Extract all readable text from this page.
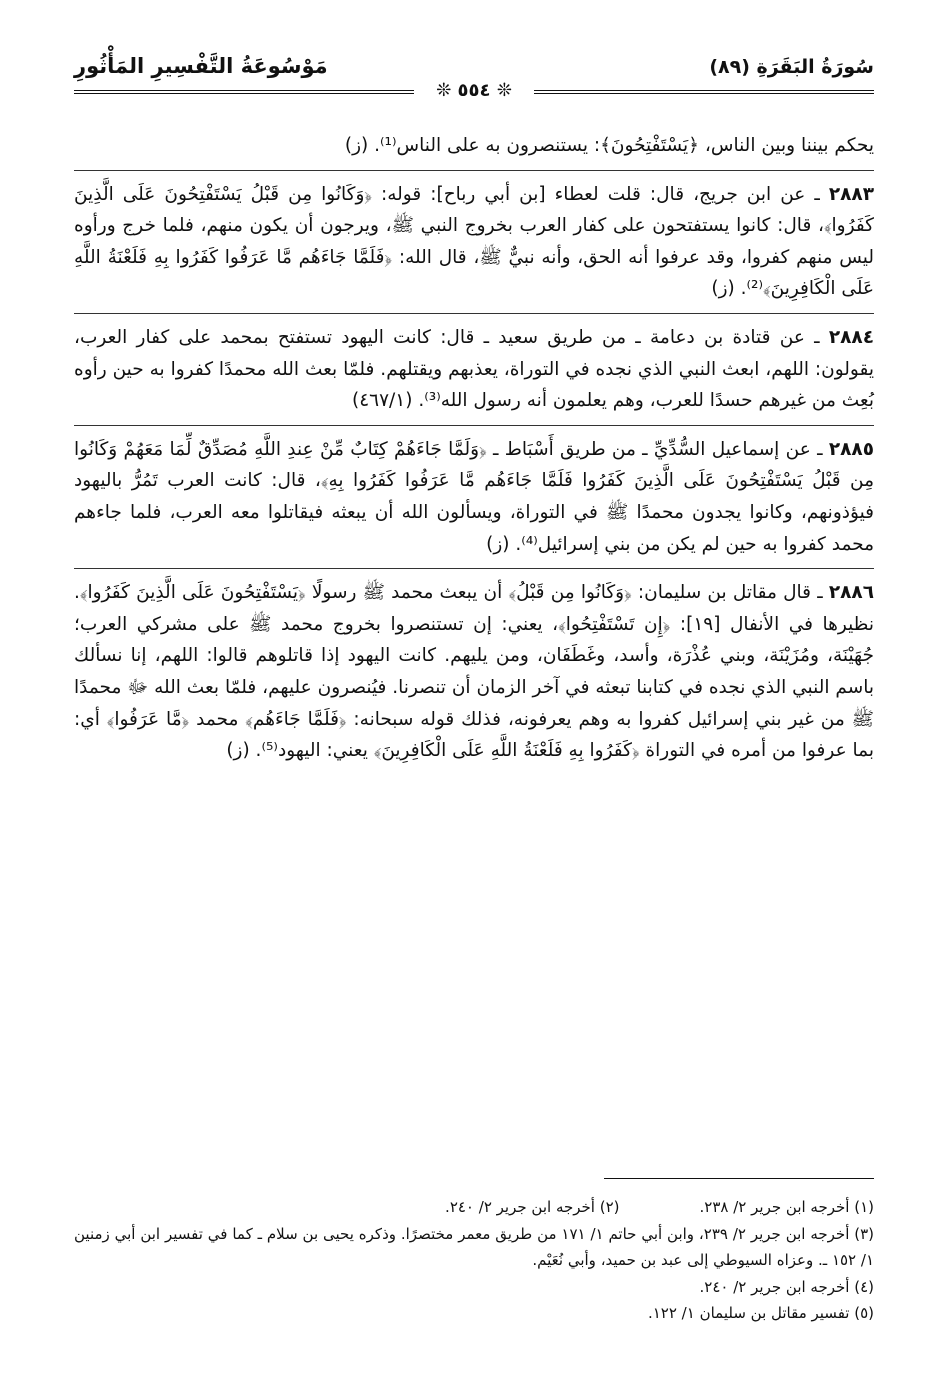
سُورَةُ البَقَرَةِ (٨٩)
مَوْسُوعَةُ التَّفْسِيرِ المَأْثُورِ
❊ ٥٥٤ ❊

يحكم بيننا وبين الناس، ﴿يَسْتَفْتِحُونَ﴾: يستنصرون به على الناس⁽¹⁾. (ز)

٢٨٨٣ ـ عن ابن جريج، قال: قلت لعطاء [بن أبي رباح]: قوله: ﴿وَكَانُوا مِن قَبْلُ يَسْتَفْتِحُونَ عَلَى الَّذِينَ كَفَرُوا﴾، قال: كانوا يستفتحون على كفار العرب بخروج النبي ﷺ، ويرجون أن يكون منهم، فلما خرج ورأوه ليس منهم كفروا، وقد عرفوا أنه الحق، وأنه نبيٌّ ﷺ، قال الله: ﴿فَلَمَّا جَاءَهُم مَّا عَرَفُوا كَفَرُوا بِهِ فَلَعْنَةُ اللَّهِ عَلَى الْكَافِرِينَ﴾⁽²⁾. (ز)

٢٨٨٤ ـ عن قتادة بن دعامة ـ من طريق سعيد ـ قال: كانت اليهود تستفتح بمحمد على كفار العرب، يقولون: اللهم، ابعث النبي الذي نجده في التوراة، يعذبهم ويقتلهم. فلمّا بعث الله محمدًا كفروا به حين رأوه بُعِث من غيرهم حسدًا للعرب، وهم يعلمون أنه رسول الله⁽³⁾. (٤٦٧/١)

٢٨٨٥ ـ عن إسماعيل السُّدِّيِّ ـ من طريق أَسْبَاط ـ ﴿وَلَمَّا جَاءَهُمْ كِتَابٌ مِّنْ عِندِ اللَّهِ مُصَدِّقٌ لِّمَا مَعَهُمْ وَكَانُوا مِن قَبْلُ يَسْتَفْتِحُونَ عَلَى الَّذِينَ كَفَرُوا فَلَمَّا جَاءَهُم مَّا عَرَفُوا كَفَرُوا بِهِ﴾، قال: كانت العرب تَمُرُّ باليهود فيؤذونهم، وكانوا يجدون محمدًا ﷺ في التوراة، ويسألون الله أن يبعثه فيقاتلوا معه العرب، فلما جاءهم محمد كفروا به حين لم يكن من بني إسرائيل⁽⁴⁾. (ز)

٢٨٨٦ ـ قال مقاتل بن سليمان: ﴿وَكَانُوا مِن قَبْلُ﴾ أن يبعث محمد ﷺ رسولًا ﴿يَسْتَفْتِحُونَ عَلَى الَّذِينَ كَفَرُوا﴾. نظيرها في الأنفال [١٩]: ﴿إِن تَسْتَفْتِحُوا﴾، يعني: إن تستنصروا بخروج محمد ﷺ على مشركي العرب؛ جُهَيْنَة، ومُزَيْنَة، وبني عُذْرَة، وأسد، وغَطَفَان، ومن يليهم. كانت اليهود إذا قاتلوهم قالوا: اللهم، إنا نسألك باسم النبي الذي نجده في كتابنا تبعثه في آخر الزمان أن تنصرنا. فيُنصرون عليهم، فلمّا بعث الله ﷻ محمدًا ﷺ من غير بني إسرائيل كفروا به وهم يعرفونه، فذلك قوله سبحانه: ﴿فَلَمَّا جَاءَهُم﴾ محمد ﴿مَّا عَرَفُوا﴾ أي: بما عرفوا من أمره في التوراة ﴿كَفَرُوا بِهِ فَلَعْنَةُ اللَّهِ عَلَى الْكَافِرِينَ﴾ يعني: اليهود⁽⁵⁾. (ز)

(١) أخرجه ابن جرير ٢/ ٢٣٨.

(٢) أخرجه ابن جرير ٢/ ٢٤٠.

(٣) أخرجه ابن جرير ٢/ ٢٣٩، وابن أبي حاتم ١/ ١٧١ من طريق معمر مختصرًا. وذكره يحيى بن سلام ـ كما في تفسير ابن أبي زمنين ١/ ١٥٢ ـ. وعزاه السيوطي إلى عبد بن حميد، وأبي نُعَيْم.

(٤) أخرجه ابن جرير ٢/ ٢٤٠.

(٥) تفسير مقاتل بن سليمان ١/ ١٢٢.
